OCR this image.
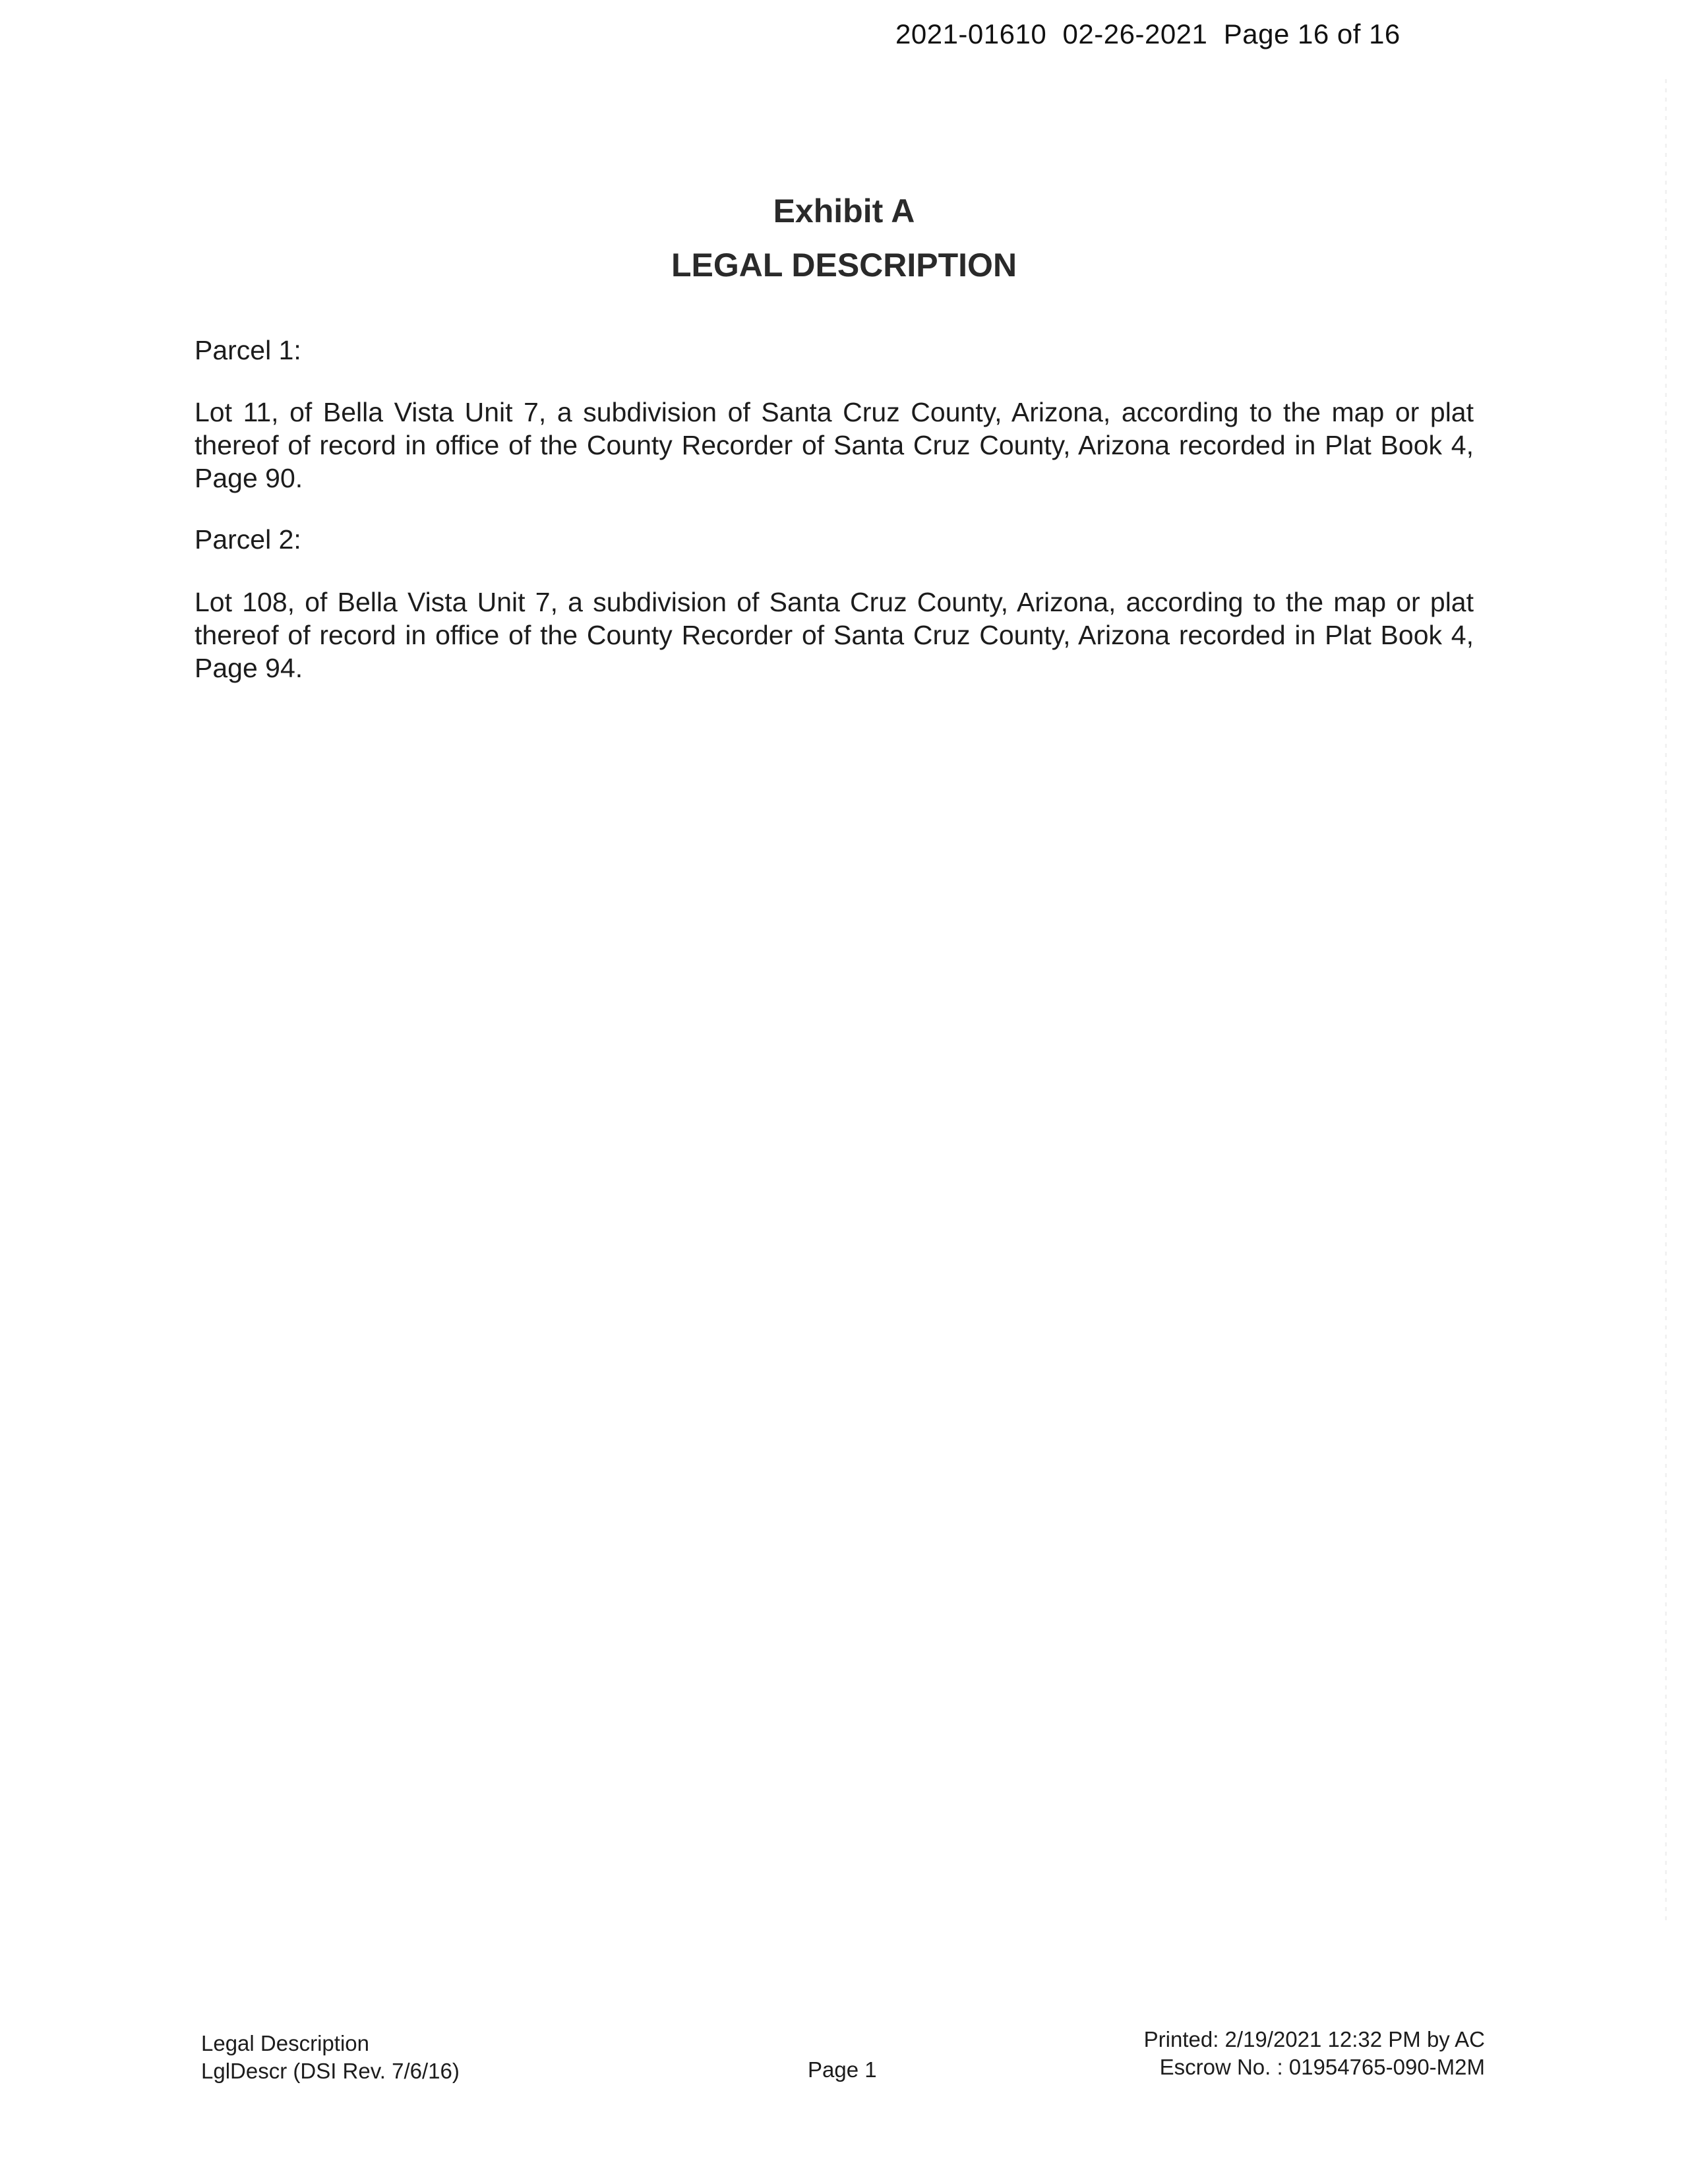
2021-01610  02-26-2021  Page 16 of 16
Exhibit A
LEGAL DESCRIPTION
Parcel 1:
Lot 11, of Bella Vista Unit 7, a subdivision of Santa Cruz County, Arizona, according to the map or plat thereof of record in office of the County Recorder of Santa Cruz County, Arizona recorded in Plat Book 4, Page 90.
Parcel 2:
Lot 108, of Bella Vista Unit 7, a subdivision of Santa Cruz County, Arizona, according to the map or plat thereof of record in office of the County Recorder of Santa Cruz County, Arizona recorded in Plat Book 4, Page 94.
Legal Description
LglDescr (DSI Rev. 7/6/16)	Page 1
Printed: 2/19/2021 12:32 PM by AC
Escrow No. : 01954765-090-M2M
